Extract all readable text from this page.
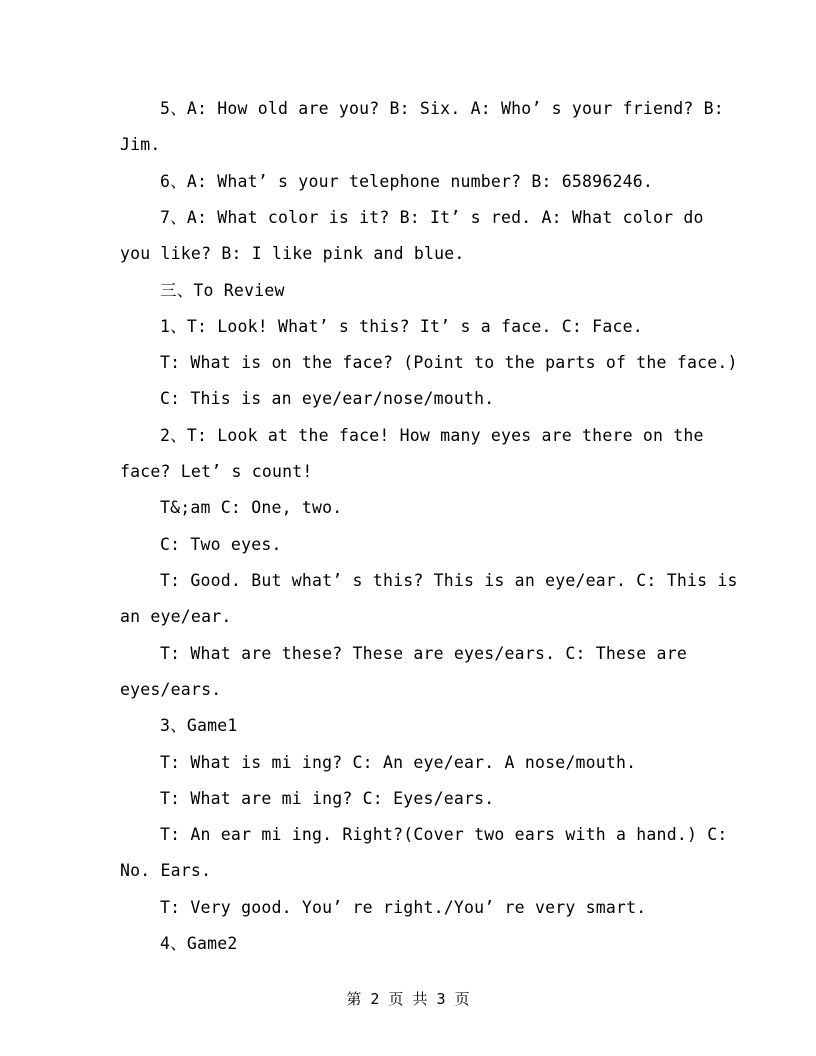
5、A: How old are you? B: Six. A: Who’ s your friend? B:
Jim.
6、A: What’ s your telephone number? B: 65896246.
7、A: What color is it? B: It’ s red. A: What color do
you like? B: I like pink and blue.
三、To Review
1、T: Look! What’ s this? It’ s a face. C: Face.
T: What is on the face? (Point to the parts of the face.)
C: This is an eye/ear/nose/mouth.
2、T: Look at the face! How many eyes are there on the
face? Let’ s count!
T&;am C: One, two.
C: Two eyes.
T: Good. But what’ s this? This is an eye/ear. C: This is
an eye/ear.
T: What are these? These are eyes/ears. C: These are
eyes/ears.
3、Game1
T: What is mi ing? C: An eye/ear. A nose/mouth.
T: What are mi ing? C: Eyes/ears.
T: An ear mi ing. Right?(Cover two ears with a hand.) C:
No. Ears.
T: Very good. You’ re right./You’ re very smart.
4、Game2
第 2 页 共 3 页
